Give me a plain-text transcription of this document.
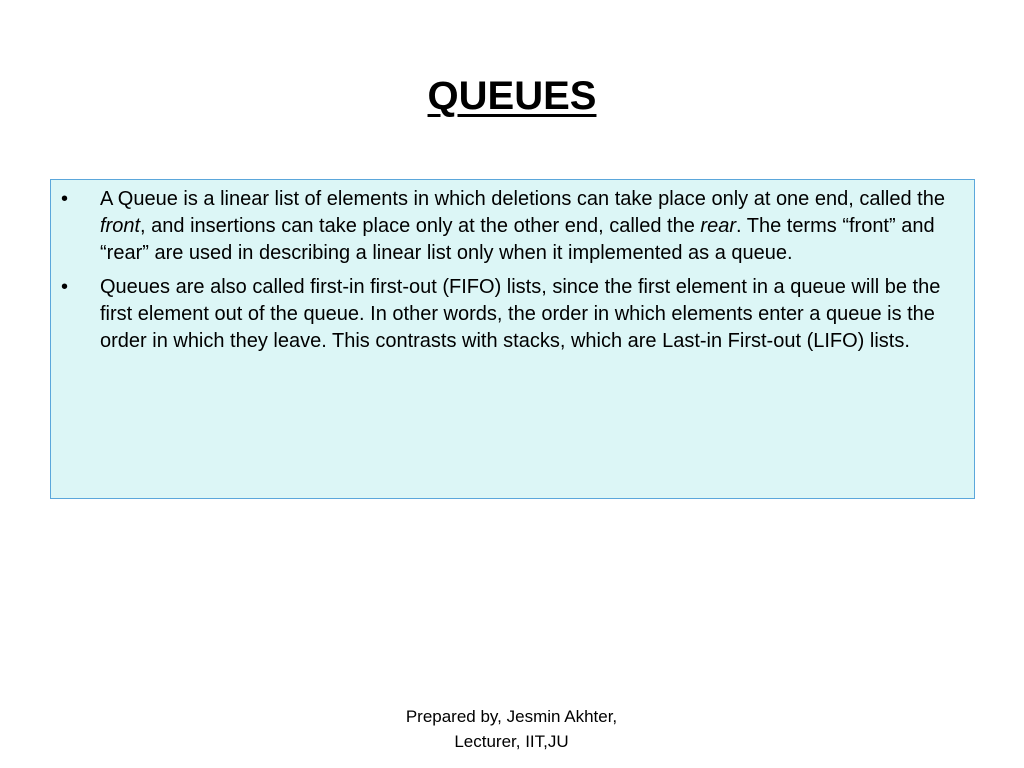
QUEUES
•	A Queue is a linear list of elements in which deletions can take place only at one end, called the front, and insertions can take place only at the other end, called the rear. The terms “front” and “rear” are used in describing a linear list only when it implemented as a queue.
•	Queues are also called first-in first-out (FIFO) lists, since the first element in a queue will be the first element out of the queue. In other words, the order in which elements enter a queue is the order in which they leave. This contrasts with stacks, which are Last-in First-out (LIFO) lists.
Prepared by, Jesmin Akhter,
Lecturer, IIT,JU
